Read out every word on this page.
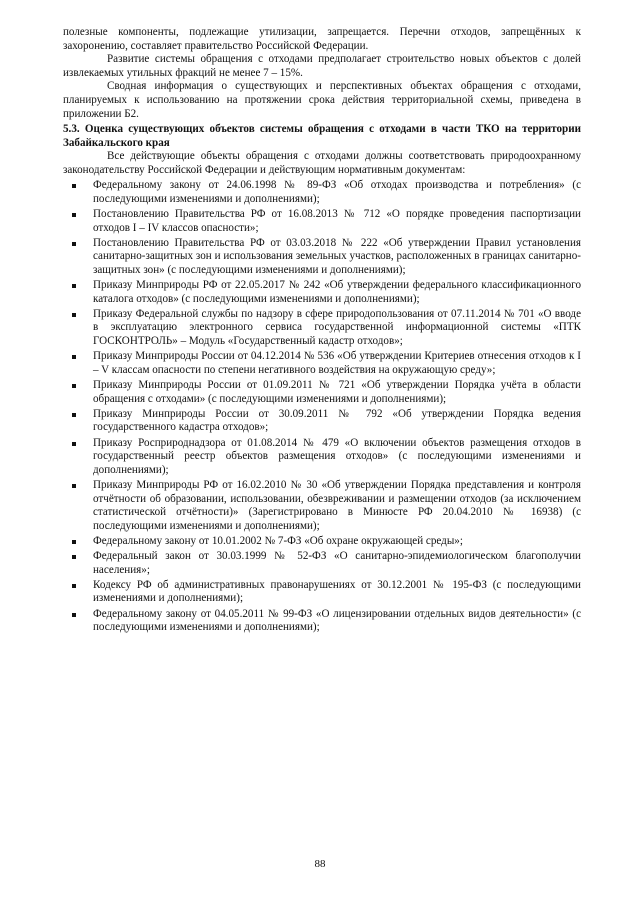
полезные компоненты, подлежащие утилизации, запрещается. Перечни отходов, запрещённых к захоронению, составляет правительство Российской Федерации.

Развитие системы обращения с отходами предполагает строительство новых объектов с долей извлекаемых утильных фракций не менее 7 – 15%.

Сводная информация о существующих и перспективных объектах обращения с отходами, планируемых к использованию на протяжении срока действия территориальной схемы, приведена в приложении Б2.

5.3. Оценка существующих объектов системы обращения с отходами в части ТКО на территории Забайкальского края

Все действующие объекты обращения с отходами должны соответствовать природоохранному законодательству Российской Федерации и действующим нормативным документам:

Федеральному закону от 24.06.1998 № 89-ФЗ «Об отходах производства и потребления» (с последующими изменениями и дополнениями);
Постановлению Правительства РФ от 16.08.2013 № 712 «О порядке проведения паспортизации отходов I – IV классов опасности»;
Постановлению Правительства РФ от 03.03.2018 № 222 «Об утверждении Правил установления санитарно-защитных зон и использования земельных участков, расположенных в границах санитарно-защитных зон» (с последующими изменениями и дополнениями);
Приказу Минприроды РФ от 22.05.2017 № 242 «Об утверждении федерального классификационного каталога отходов» (с последующими изменениями и дополнениями);
Приказу Федеральной службы по надзору в сфере природопользования от 07.11.2014 № 701 «О вводе в эксплуатацию электронного сервиса государственной информационной системы «ПТК ГОСКОНТРОЛЬ» – Модуль «Государственный кадастр отходов»;
Приказу Минприроды России от 04.12.2014 № 536 «Об утверждении Критериев отнесения отходов к I – V классам опасности по степени негативного воздействия на окружающую среду»;
Приказу Минприроды России от 01.09.2011 № 721 «Об утверждении Порядка учёта в области обращения с отходами» (с последующими изменениями и дополнениями);
Приказу Минприроды России от 30.09.2011 № 792 «Об утверждении Порядка ведения государственного кадастра отходов»;
Приказу Росприроднадзора от 01.08.2014 № 479 «О включении объектов размещения отходов в государственный реестр объектов размещения отходов» (с последующими изменениями и дополнениями);
Приказу Минприроды РФ от 16.02.2010 № 30 «Об утверждении Порядка представления и контроля отчётности об образовании, использовании, обезвреживании и размещении отходов (за исключением статистической отчётности)» (Зарегистрировано в Минюсте РФ 20.04.2010 № 16938) (с последующими изменениями и дополнениями);
Федеральному закону от 10.01.2002 № 7-ФЗ «Об охране окружающей среды»;
Федеральный закон от 30.03.1999 № 52-ФЗ «О санитарно-эпидемиологическом благополучии населения»;
Кодексу РФ об административных правонарушениях от 30.12.2001 № 195-ФЗ (с последующими изменениями и дополнениями);
Федеральному закону от 04.05.2011 № 99-ФЗ «О лицензировании отдельных видов деятельности» (с последующими изменениями и дополнениями);
88
